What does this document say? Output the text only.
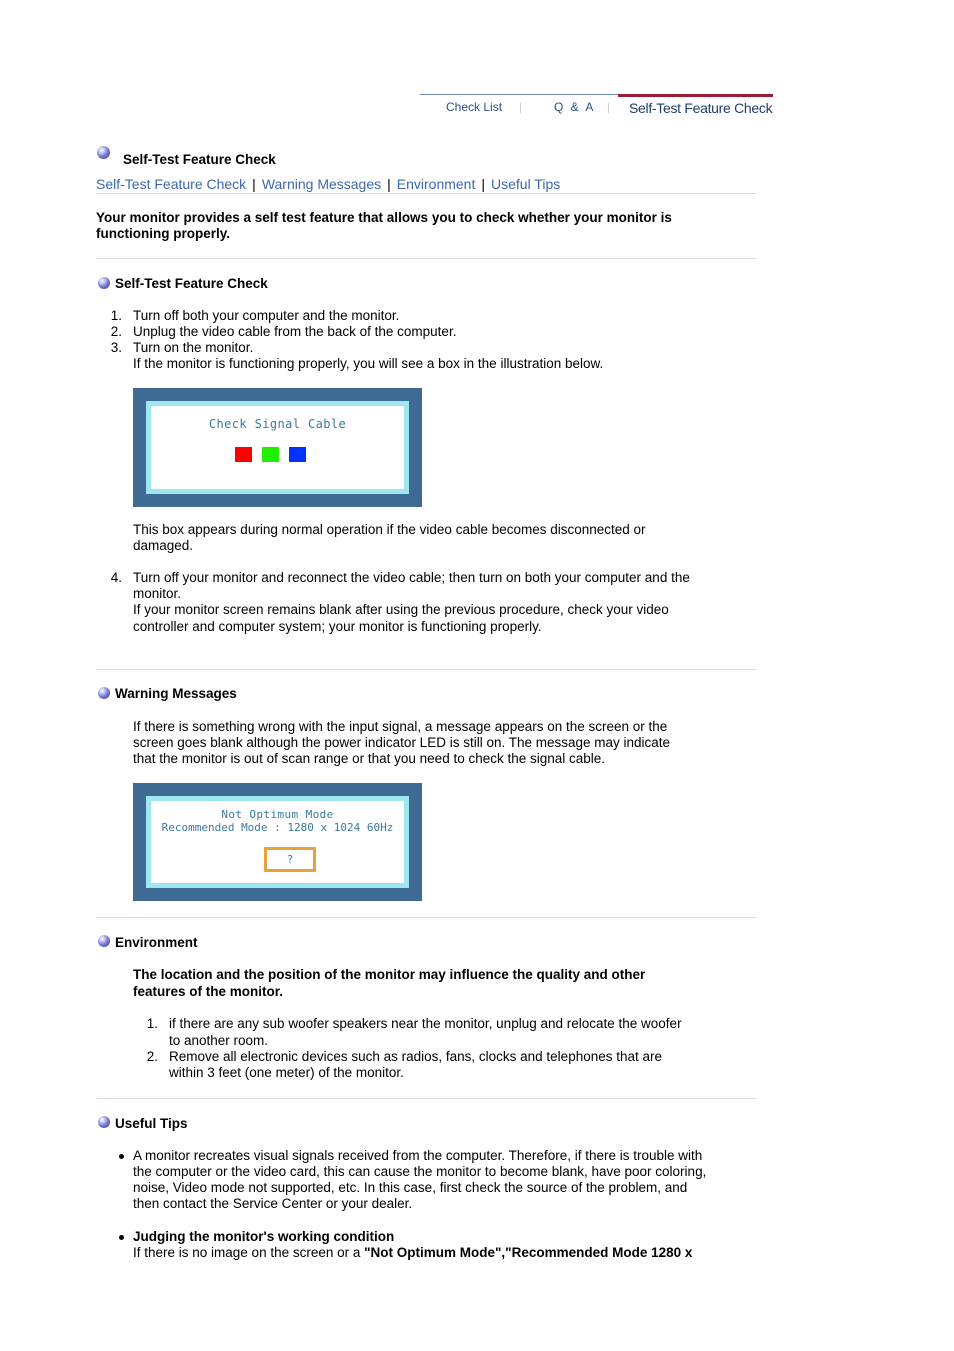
Check List	Q & A Self-Test Feature Check
Self-Test Feature Check
Self-Test Feature Check | Warning Messages | Environment | Useful Tips
Your monitor provides a self test feature that allows you to check whether your monitor is
functioning properly.
Self-Test Feature Check
1. Turn off both your computer and the monitor.
2. Unplug the video cable from the back of the computer.
3. Turn on the monitor.
If the monitor is functioning properly, you will see a box in the illustration below.
Check Signal Cable
This box appears during normal operation if the video cable becomes disconnected or
damaged.
4. Turn off your monitor and reconnect the video cable; then turn on both your computer and the
monitor.
If your monitor screen remains blank after using the previous procedure, check your video
controller and computer system; your monitor is functioning properly.
Warning Messages
If there is something wrong with the input signal, a message appears on the screen or the
screen goes blank although the power indicator LED is still on. The message may indicate
that the monitor is out of scan range or that you need to check the signal cable.
Not Optimum Mode
Recommended Mode : 1280 x 1024 60Hz
?
Environment
The location and the position of the monitor may influence the quality and other
features of the monitor.
1. if there are any sub woofer speakers near the monitor, unplug and relocate the woofer
to another room.
2. Remove all electronic devices such as radios, fans, clocks and telephones that are
within 3 feet (one meter) of the monitor.
Useful Tips
A monitor recreates visual signals received from the computer. Therefore, if there is trouble with
the computer or the video card, this can cause the monitor to become blank, have poor coloring,
noise, Video mode not supported, etc. In this case, first check the source of the problem, and
then contact the Service Center or your dealer.
Judging the monitor's working condition
If there is no image on the screen or a "Not Optimum Mode","Recommended Mode 1280 x
